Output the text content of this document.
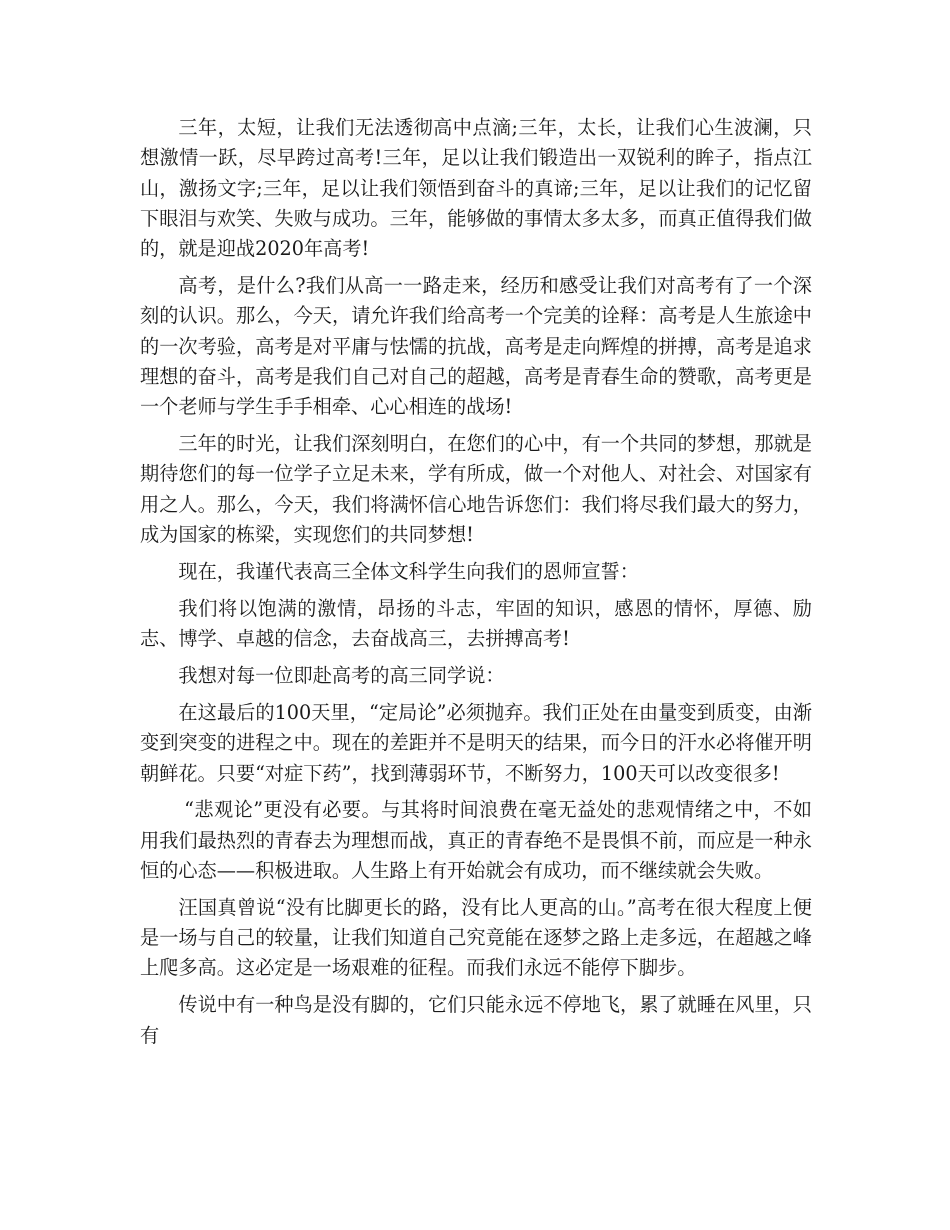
三年，太短，让我们无法透彻高中点滴;三年，太长，让我们心生波澜，只想激情一跃，尽早跨过高考!三年，足以让我们锻造出一双锐利的眸子，指点江山，激扬文字;三年，足以让我们领悟到奋斗的真谛;三年，足以让我们的记忆留下眼泪与欢笑、失败与成功。三年，能够做的事情太多太多，而真正值得我们做的，就是迎战2020年高考!

高考，是什么?我们从高一一路走来，经历和感受让我们对高考有了一个深刻的认识。那么，今天，请允许我们给高考一个完美的诠释：高考是人生旅途中的一次考验，高考是对平庸与怯懦的抗战，高考是走向辉煌的拼搏，高考是追求理想的奋斗，高考是我们自己对自己的超越，高考是青春生命的赞歌，高考更是一个老师与学生手手相牵、心心相连的战场!

三年的时光，让我们深刻明白，在您们的心中，有一个共同的梦想，那就是期待您们的每一位学子立足未来，学有所成，做一个对他人、对社会、对国家有用之人。那么，今天，我们将满怀信心地告诉您们：我们将尽我们最大的努力，成为国家的栋梁，实现您们的共同梦想!

现在，我谨代表高三全体文科学生向我们的恩师宣誓：

我们将以饱满的激情，昂扬的斗志，牢固的知识，感恩的情怀，厚德、励志、博学、卓越的信念，去奋战高三，去拼搏高考!

我想对每一位即赴高考的高三同学说：

在这最后的100天里，“定局论”必须抛弃。我们正处在由量变到质变，由渐变到突变的进程之中。现在的差距并不是明天的结果，而今日的汗水必将催开明朝鲜花。只要“对症下药”，找到薄弱环节，不断努力，100天可以改变很多!

“悲观论”更没有必要。与其将时间浪费在毫无益处的悲观情绪之中，不如用我们最热烈的青春去为理想而战，真正的青春绝不是畏惧不前，而应是一种永恒的心态——积极进取。人生路上有开始就会有成功，而不继续就会失败。

汪国真曾说“没有比脚更长的路，没有比人更高的山。”高考在很大程度上便是一场与自己的较量，让我们知道自己究竟能在逐梦之路上走多远，在超越之峰上爬多高。这必定是一场艰难的征程。而我们永远不能停下脚步。

传说中有一种鸟是没有脚的，它们只能永远不停地飞，累了就睡在风里，只有
